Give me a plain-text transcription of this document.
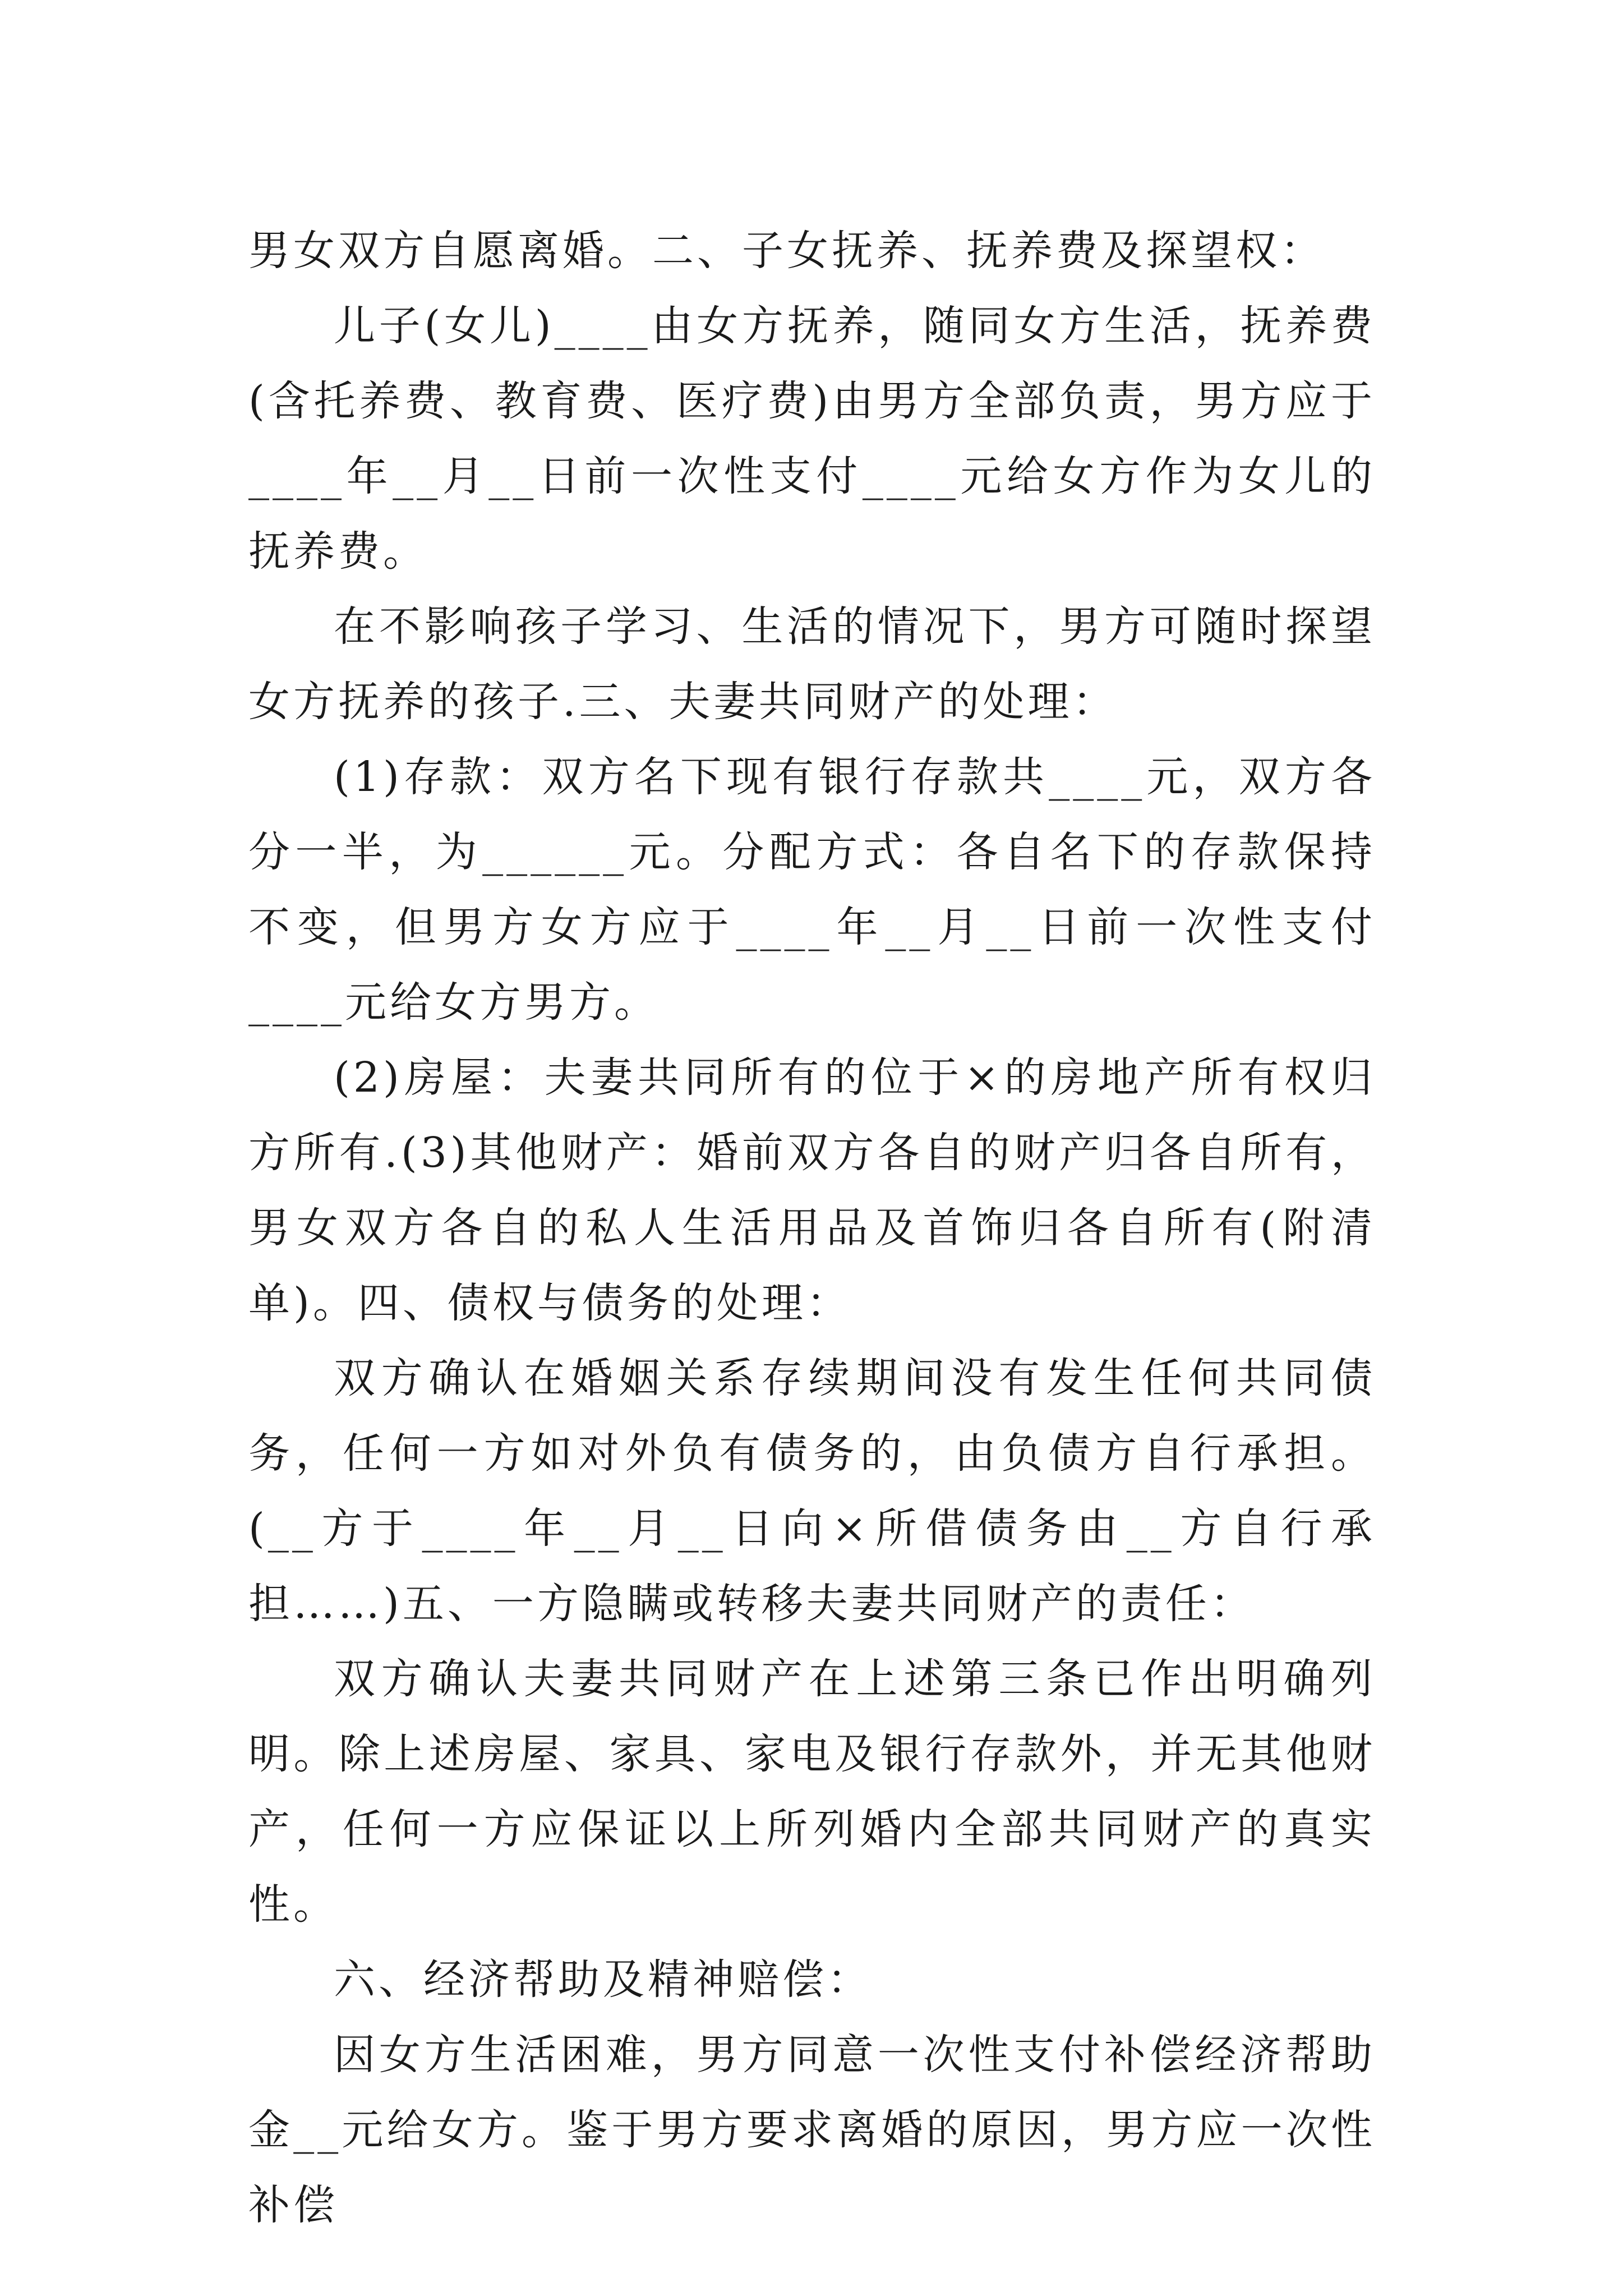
男女双方自愿离婚。二、子女抚养、抚养费及探望权：

儿子(女儿)____由女方抚养，随同女方生活，抚养费(含托养费、教育费、医疗费)由男方全部负责，男方应于____年__月__日前一次性支付____元给女方作为女儿的抚养费。

在不影响孩子学习、生活的情况下，男方可随时探望女方抚养的孩子.三、夫妻共同财产的处理：

(1)存款：双方名下现有银行存款共____元，双方各分一半，为______元。分配方式：各自名下的存款保持不变，但男方女方应于____年__月__日前一次性支付____元给女方男方。

(2)房屋：夫妻共同所有的位于×的房地产所有权归 方所有.(3)其他财产：婚前双方各自的财产归各自所有，男女双方各自的私人生活用品及首饰归各自所有(附清单)。四、债权与债务的处理：

双方确认在婚姻关系存续期间没有发生任何共同债务，任何一方如对外负有债务的，由负债方自行承担。(__方于____年__月__日向×所借债务由__方自行承担……)五、一方隐瞒或转移夫妻共同财产的责任：

双方确认夫妻共同财产在上述第三条已作出明确列明。除上述房屋、家具、家电及银行存款外，并无其他财产，任何一方应保证以上所列婚内全部共同财产的真实性。

六、经济帮助及精神赔偿：

因女方生活困难，男方同意一次性支付补偿经济帮助金__元给女方。鉴于男方要求离婚的原因，男方应一次性补偿
